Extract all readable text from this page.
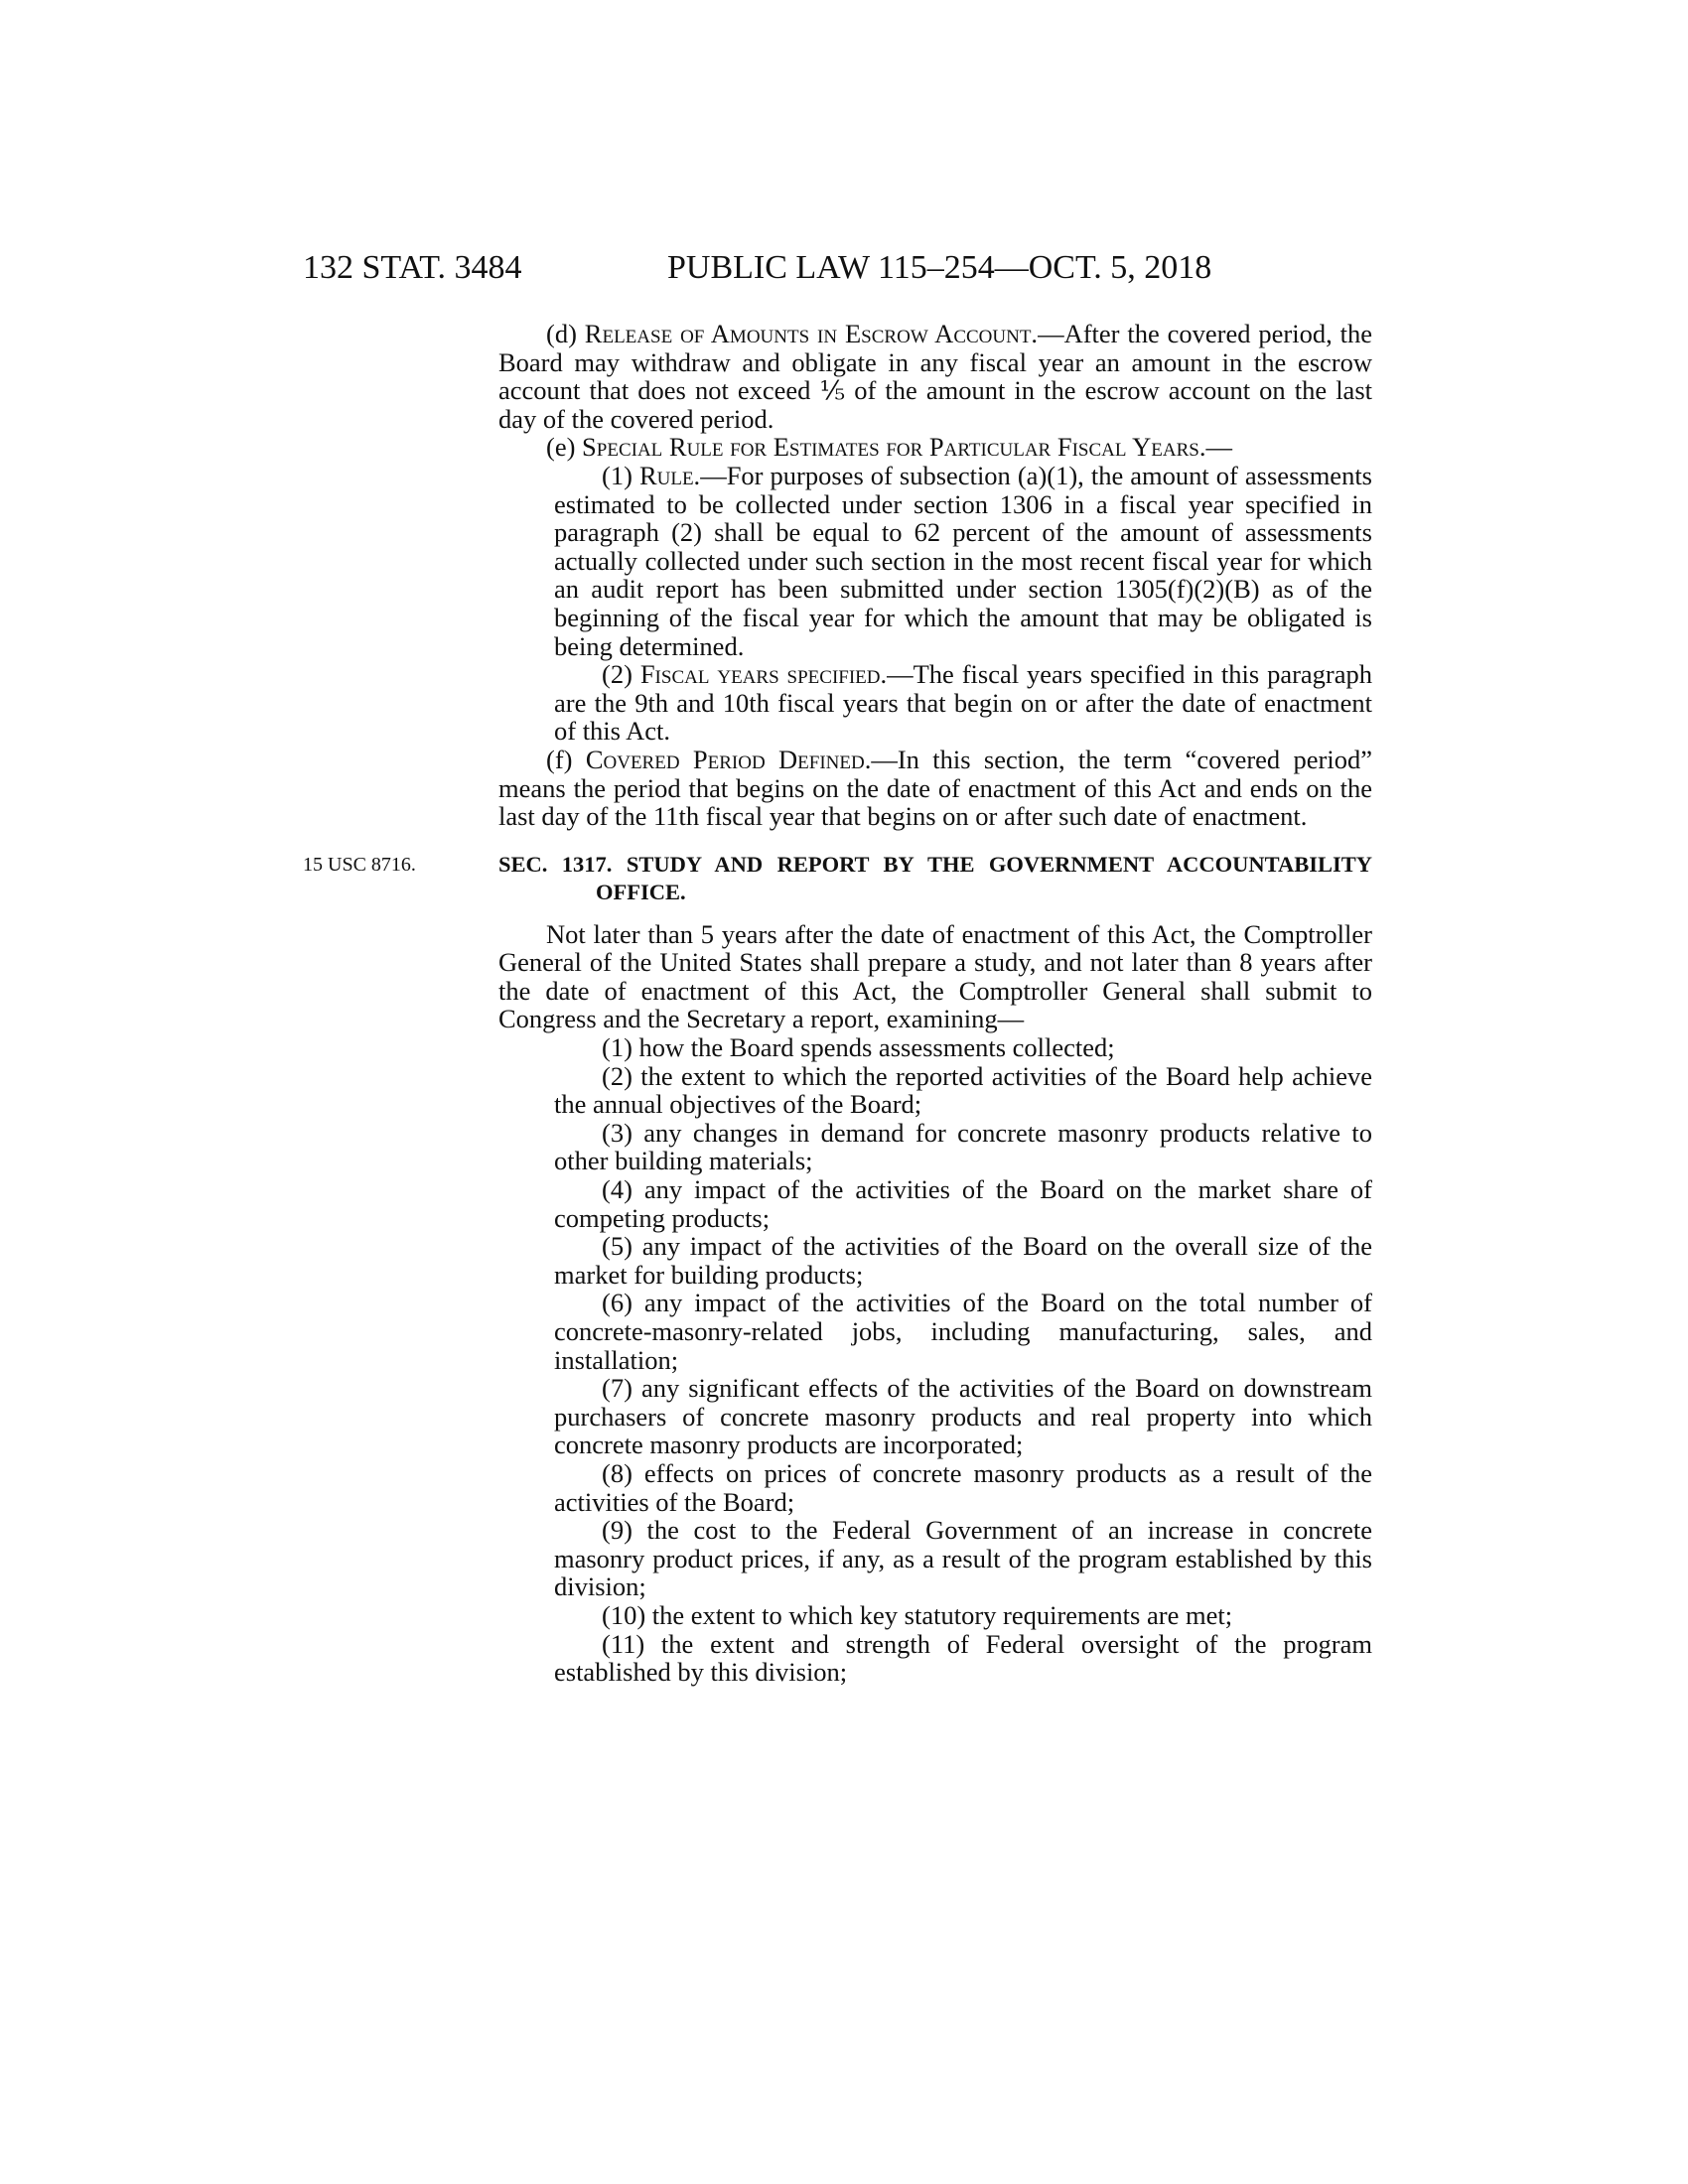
132 STAT. 3484	PUBLIC LAW 115–254—OCT. 5, 2018

(d) Release of Amounts in Escrow Account.—After the covered period, the Board may withdraw and obligate in any fiscal year an amount in the escrow account that does not exceed ⅕ of the amount in the escrow account on the last day of the covered period.

(e) Special Rule for Estimates for Particular Fiscal Years.—

(1) Rule.—For purposes of subsection (a)(1), the amount of assessments estimated to be collected under section 1306 in a fiscal year specified in paragraph (2) shall be equal to 62 percent of the amount of assessments actually collected under such section in the most recent fiscal year for which an audit report has been submitted under section 1305(f)(2)(B) as of the beginning of the fiscal year for which the amount that may be obligated is being determined.

(2) Fiscal years specified.—The fiscal years specified in this paragraph are the 9th and 10th fiscal years that begin on or after the date of enactment of this Act.

(f) Covered Period Defined.—In this section, the term “covered period” means the period that begins on the date of enactment of this Act and ends on the last day of the 11th fiscal year that begins on or after such date of enactment.

SEC. 1317. STUDY AND REPORT BY THE GOVERNMENT ACCOUNTABILITY OFFICE.

Not later than 5 years after the date of enactment of this Act, the Comptroller General of the United States shall prepare a study, and not later than 8 years after the date of enactment of this Act, the Comptroller General shall submit to Congress and the Secretary a report, examining—

(1) how the Board spends assessments collected;

(2) the extent to which the reported activities of the Board help achieve the annual objectives of the Board;

(3) any changes in demand for concrete masonry products relative to other building materials;

(4) any impact of the activities of the Board on the market share of competing products;

(5) any impact of the activities of the Board on the overall size of the market for building products;

(6) any impact of the activities of the Board on the total number of concrete-masonry-related jobs, including manufacturing, sales, and installation;

(7) any significant effects of the activities of the Board on downstream purchasers of concrete masonry products and real property into which concrete masonry products are incorporated;

(8) effects on prices of concrete masonry products as a result of the activities of the Board;

(9) the cost to the Federal Government of an increase in concrete masonry product prices, if any, as a result of the program established by this division;

(10) the extent to which key statutory requirements are met;

(11) the extent and strength of Federal oversight of the program established by this division;

15 USC 8716.
